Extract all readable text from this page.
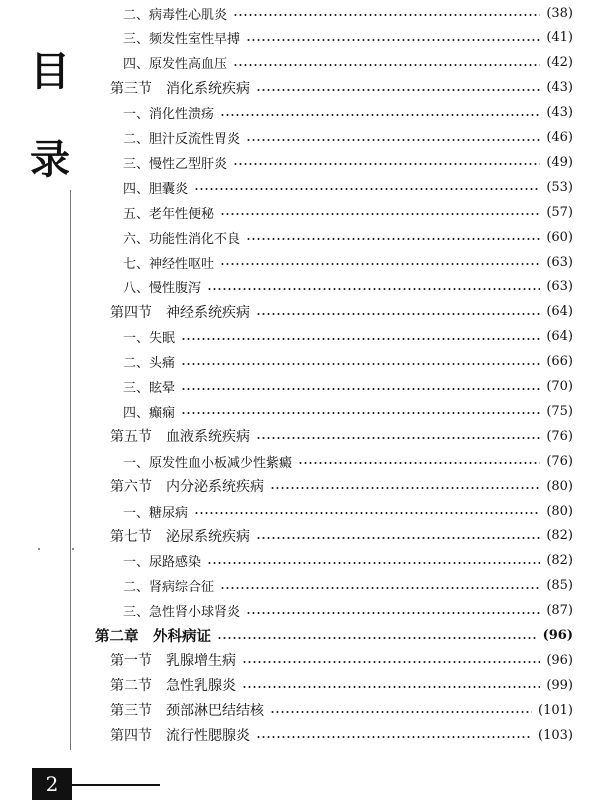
目
录
二、病毒性心肌炎	(38)
三、频发性室性早搏	(41)
四、原发性高血压	(42)
第三节　消化系统疾病	(43)
一、消化性溃疡	(43)
二、胆汁反流性胃炎	(46)
三、慢性乙型肝炎	(49)
四、胆囊炎	(53)
五、老年性便秘	(57)
六、功能性消化不良	(60)
七、神经性呕吐	(63)
八、慢性腹泻	(63)
第四节　神经系统疾病	(64)
一、失眠	(64)
二、头痛	(66)
三、眩晕	(70)
四、癫痫	(75)
第五节　血液系统疾病	(76)
一、原发性血小板减少性紫癜	(76)
第六节　内分泌系统疾病	(80)
一、糖尿病	(80)
第七节　泌尿系统疾病	(82)
一、尿路感染	(82)
二、肾病综合征	(85)
三、急性肾小球肾炎	(87)
第二章　外科病证	(96)
第一节　乳腺增生病	(96)
第二节　急性乳腺炎	(99)
第三节　颈部淋巴结结核	(101)
第四节　流行性腮腺炎	(103)
2
